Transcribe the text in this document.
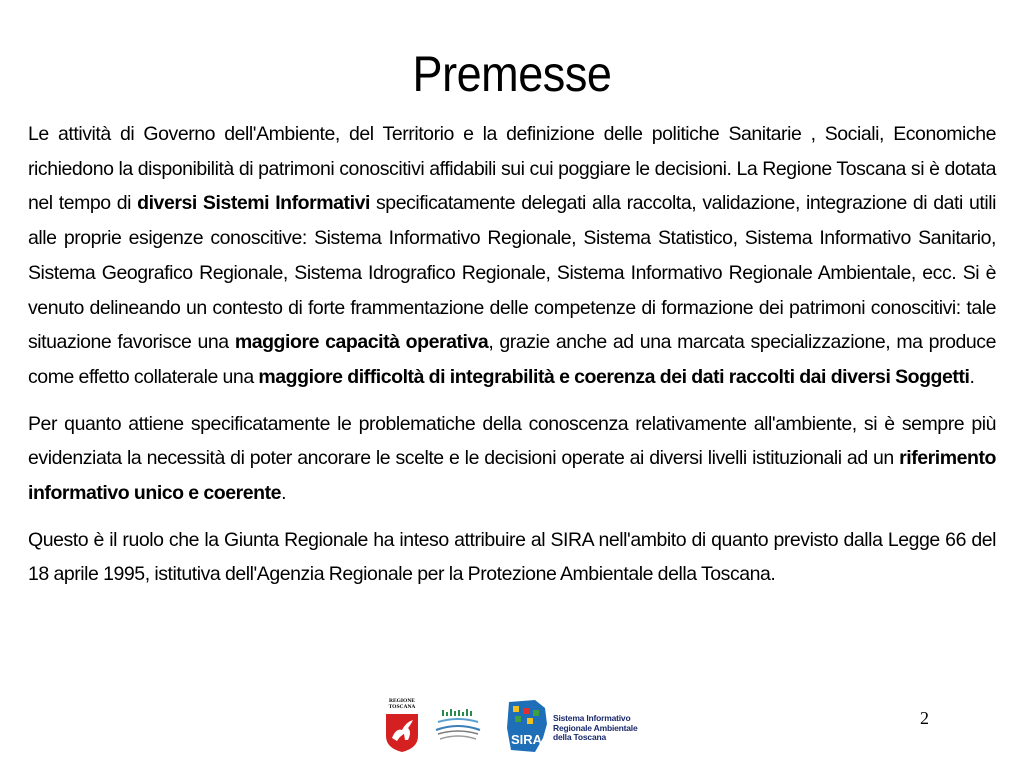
Premesse

Le attività di Governo dell'Ambiente, del Territorio e la definizione delle politiche Sanitarie , Sociali, Economiche richiedono la disponibilità di patrimoni conoscitivi affidabili sui cui poggiare le decisioni. La Regione Toscana si è dotata nel tempo di diversi Sistemi Informativi specificatamente delegati alla raccolta, validazione, integrazione di dati utili alle proprie esigenze conoscitive: Sistema Informativo Regionale, Sistema Statistico, Sistema Informativo Sanitario, Sistema Geografico Regionale, Sistema Idrografico Regionale, Sistema Informativo Regionale Ambientale, ecc. Si è venuto delineando un contesto di forte frammentazione delle competenze di formazione dei patrimoni conoscitivi: tale situazione favorisce una maggiore capacità operativa, grazie anche ad una marcata specializzazione, ma produce come effetto collaterale una maggiore difficoltà di integrabilità e coerenza dei dati raccolti dai diversi Soggetti.

Per quanto attiene specificatamente le problematiche della conoscenza relativamente all'ambiente, si è sempre più evidenziata la necessità di poter ancorare le scelte e le decisioni operate ai diversi livelli istituzionali ad un riferimento informativo unico e coerente.

Questo è il ruolo che la Giunta Regionale ha inteso attribuire al SIRA nell'ambito di quanto previsto dalla Legge 66 del 18 aprile 1995, istitutiva dell'Agenzia Regionale per la Protezione Ambientale della Toscana.

REGIONE
TOSCANA
SIRA
Sistema Informativo
Regionale Ambientale
della Toscana
2
